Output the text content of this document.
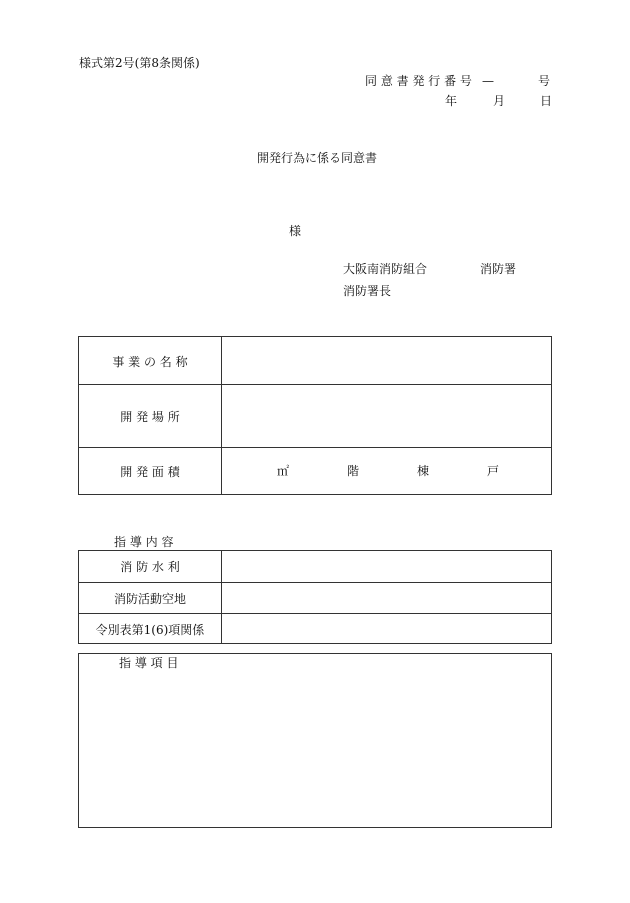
様式第2号(第8条関係)
同 意 書 発 行 番 号 —	号
年	月	日
開発行為に係る同意書
様
大阪南消防組合	消防署
消防署長
事 業 の 名 称
開 発 場 所
開 発 面 積	㎡	階	棟	戸
指 導 内 容
消 防 水 利
消防活動空地
令別表第1(6)項関係
指 導 項 目
